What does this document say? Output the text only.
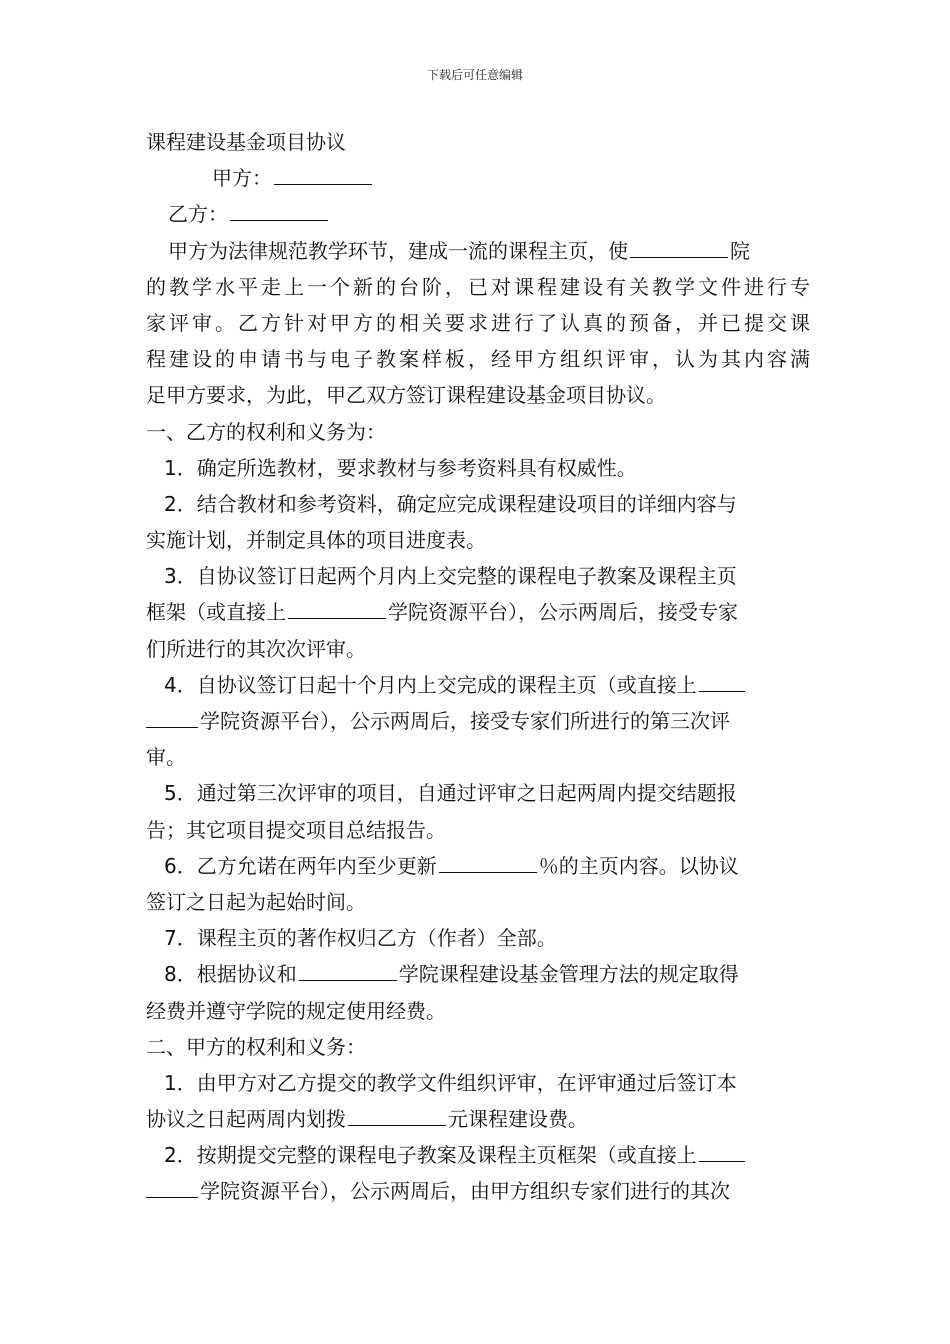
下载后可任意编辑
课程建设基金项目协议
甲方：
乙方：
甲方为法律规范教学环节，建成一流的课程主页，使	院
的教学水平走上一个新的台阶，已对课程建设有关教学文件进行专
家评审。乙方针对甲方的相关要求进行了认真的预备，并已提交课
程建设的申请书与电子教案样板，经甲方组织评审，认为其内容满
足甲方要求，为此，甲乙双方签订课程建设基金项目协议。
一、乙方的权利和义务为：
1．确定所选教材，要求教材与参考资料具有权威性。
2．结合教材和参考资料，确定应完成课程建设项目的详细内容与
实施计划，并制定具体的项目进度表。
3．自协议签订日起两个月内上交完整的课程电子教案及课程主页
框架（或直接上	学院资源平台），公示两周后，接受专家
们所进行的其次次评审。
4．自协议签订日起十个月内上交完成的课程主页（或直接上
学院资源平台），公示两周后，接受专家们所进行的第三次评
审。
5．通过第三次评审的项目，自通过评审之日起两周内提交结题报
告；其它项目提交项目总结报告。
6．乙方允诺在两年内至少更新	％的主页内容。以协议
签订之日起为起始时间。
7．课程主页的著作权归乙方（作者）全部。
8．根据协议和	学院课程建设基金管理方法的规定取得
经费并遵守学院的规定使用经费。
二、甲方的权利和义务：
1．由甲方对乙方提交的教学文件组织评审，在评审通过后签订本
协议之日起两周内划拨	元课程建设费。
2．按期提交完整的课程电子教案及课程主页框架（或直接上
学院资源平台），公示两周后，由甲方组织专家们进行的其次
